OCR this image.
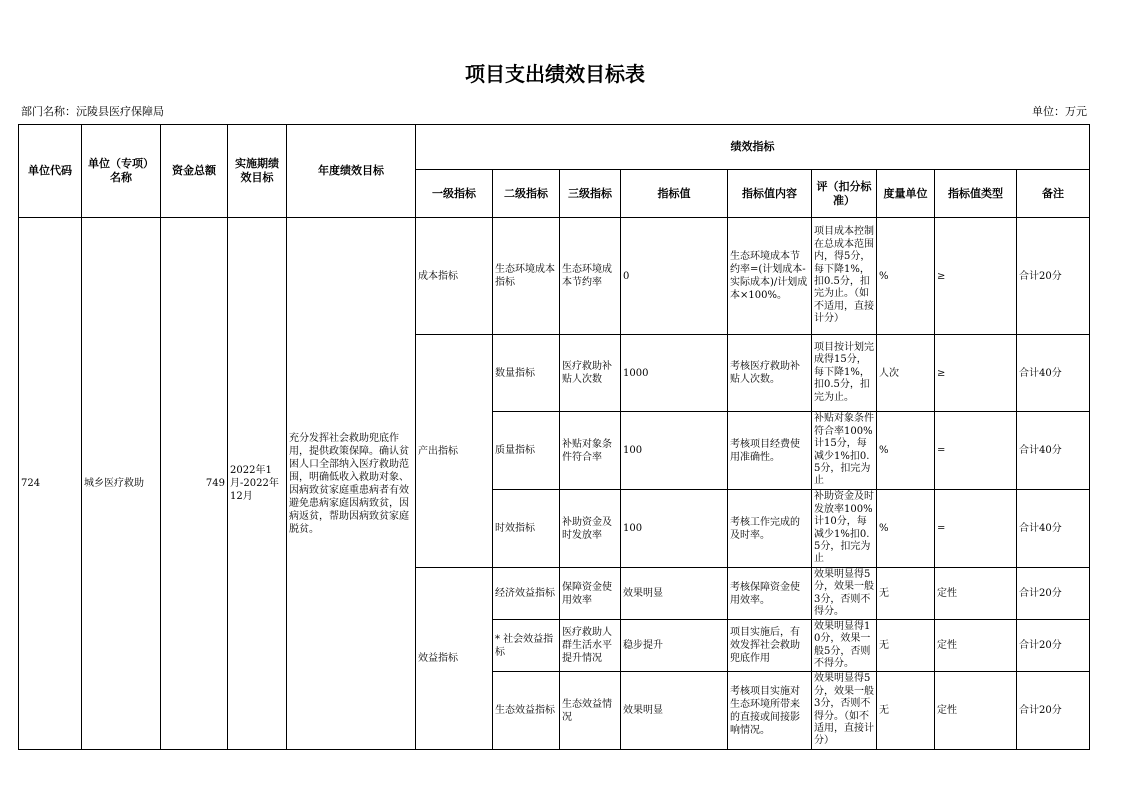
项目支出绩效目标表
部门名称：沅陵县医疗保障局	单位：万元
单位代码	单位（专项）名称	资金总额	实施期绩效目标	年度绩效目标	绩效指标								
					一级指标	二级指标	三级指标	指标值	指标值内容	评（扣分标准）	度量单位	指标值类型	备注
724	城乡医疗救助	749	2022年1月-2022年12月	充分发挥社会救助兜底作用，提供政策保障。确认贫困人口全部纳入医疗救助范围，明确低收入救助对象、因病致贫家庭重患病者有效避免患病家庭因病致贫，因病返贫，帮助因病致贫家庭脱贫。	成本指标	生态环境成本指标	生态环境成本节约率	0	生态环境成本节约率=(计划成本-实际成本)/计划成本×100%。	项目成本控制在总成本范围内，得5分，每下降1%，扣0.5分，扣完为止。（如不适用，直接计分）	%	≥	合计20分
					产出指标	数量指标	医疗救助补贴人次数	1000	考核医疗救助补贴人次数。	项目按计划完成得15分，每下降1%，扣0.5分，扣完为止。	人次	≥	合计40分
						质量指标	补贴对象条件符合率	100	考核项目经费使用准确性。	补贴对象条件符合率100%计15分，每减少1%扣0.5分，扣完为止	%	=	合计40分
						时效指标	补助资金及时发放率	100	考核工作完成的及时率。	补助资金及时发放率100%计10分，每减少1%扣0.5分，扣完为止	%	=	合计40分
					效益指标	经济效益指标	保障资金使用效率	效果明显	考核保障资金使用效率。	效果明显得5分，效果一般3分，否则不得分。	无	定性	合计20分
						* 社会效益指标	医疗救助人群生活水平提升情况	稳步提升	项目实施后，有效发挥社会救助兜底作用	效果明显得10分，效果一般5分，否则不得分。	无	定性	合计20分
						生态效益指标	生态效益情况	效果明显	考核项目实施对生态环境所带来的直接或间接影响情况。	效果明显得5分，效果一般3分，否则不得分。（如不适用，直接计分）	无	定性	合计20分
